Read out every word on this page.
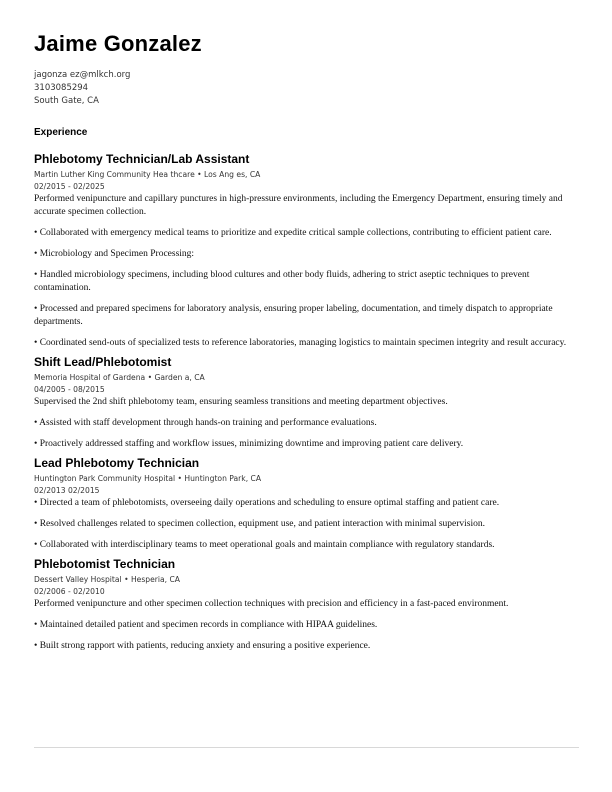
Jaime Gonzalez
jagonza ez@mlkch.org
3103085294
South Gate, CA
Experience
Phlebotomy Technician/Lab Assistant
Martin Luther King Community Hea thcare • Los Ang es, CA
02/2015 - 02/2025

Performed venipuncture and capillary punctures in high-pressure environments, including the Emergency Department, ensuring timely and accurate specimen collection.

• Collaborated with emergency medical teams to prioritize and expedite critical sample collections, contributing to efficient patient care.

• Microbiology and Specimen Processing:

• Handled microbiology specimens, including blood cultures and other body fluids, adhering to strict aseptic techniques to prevent contamination.

• Processed and prepared specimens for laboratory analysis, ensuring proper labeling, documentation, and timely dispatch to appropriate departments.

• Coordinated send-outs of specialized tests to reference laboratories, managing logistics to maintain specimen integrity and result accuracy.

Shift Lead/Phlebotomist
Memoria Hospital of Gardena • Garden a, CA
04/2005 - 08/2015

Supervised the 2nd shift phlebotomy team, ensuring seamless transitions and meeting department objectives.

• Assisted with staff development through hands-on training and performance evaluations.

• Proactively addressed staffing and workflow issues, minimizing downtime and improving patient care delivery.

Lead Phlebotomy Technician
Huntington Park Community Hospital • Huntington Park, CA
02/2013 02/2015

• Directed a team of phlebotomists, overseeing daily operations and scheduling to ensure optimal staffing and patient care.

• Resolved challenges related to specimen collection, equipment use, and patient interaction with minimal supervision.

• Collaborated with interdisciplinary teams to meet operational goals and maintain compliance with regulatory standards.

Phlebotomist Technician
Dessert Valley Hospital • Hesperia, CA
02/2006 - 02/2010

Performed venipuncture and other specimen collection techniques with precision and efficiency in a fast-paced environment.

• Maintained detailed patient and specimen records in compliance with HIPAA guidelines.

• Built strong rapport with patients, reducing anxiety and ensuring a positive experience.
